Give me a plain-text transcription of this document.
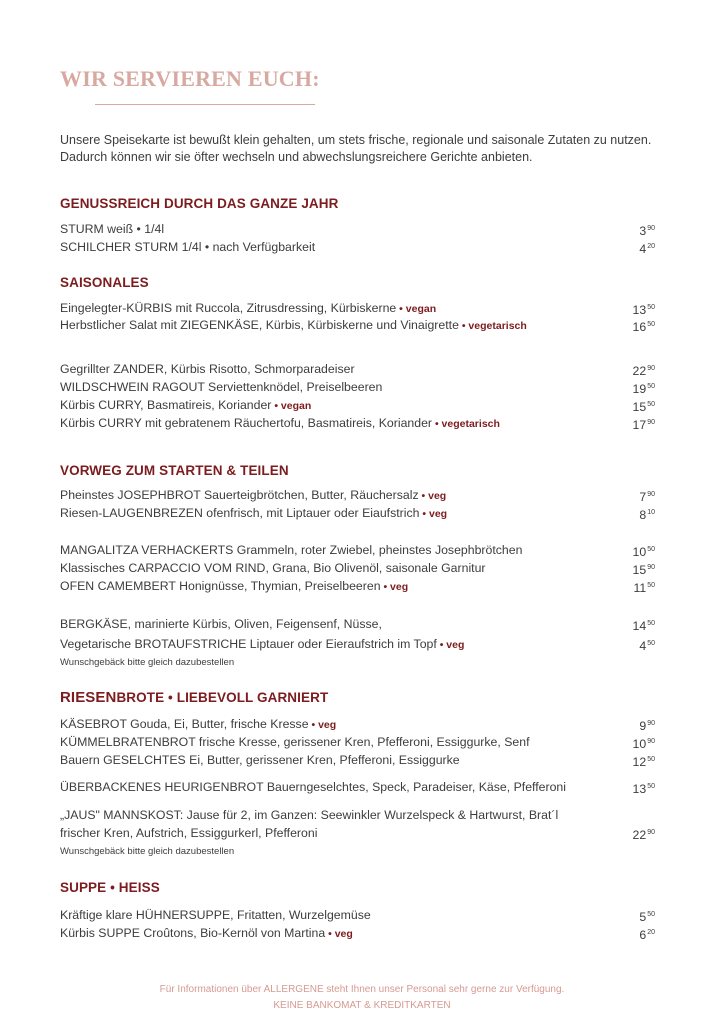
WIR SERVIEREN EUCH:
Unsere Speisekarte ist bewußt klein gehalten, um stets frische, regionale und saisonale Zutaten zu nutzen.
Dadurch können wir sie öfter wechseln und abwechslungsreichere Gerichte anbieten.
GENUSSREICH DURCH DAS GANZE JAHR
STURM weiß • 1/4l	$3^{90}$
SCHILCHER STURM 1/4l • nach Verfügbarkeit	$4^{20}$
SAISONALES
Eingelegter-KÜRBIS mit Ruccola, Zitrusdressing, Kürbiskerne • vegan	$13^{50}$
Herbstlicher Salat mit ZIEGENKÄSE, Kürbis, Kürbiskerne und Vinaigrette • vegetarisch	$16^{50}$
Gegrillter ZANDER, Kürbis Risotto, Schmorparadeiser	$22^{90}$
WILDSCHWEIN RAGOUT Serviettenknödel, Preiselbeeren	$19^{50}$
Kürbis CURRY, Basmatireis, Koriander • vegan	$15^{50}$
Kürbis CURRY mit gebratenem Räuchertofu, Basmatireis, Koriander • vegetarisch	$17^{90}$
VORWEG ZUM STARTEN & TEILEN
Pheinstes JOSEPHBROT Sauerteigbrötchen, Butter, Räuchersalz • veg	$7^{90}$
Riesen-LAUGENBREZEN ofenfrisch, mit Liptauer oder Eiaufstrich • veg	$8^{10}$
MANGALITZA VERHACKERTS Grammeln, roter Zwiebel, pheinstes Josephbrötchen	$10^{50}$
Klassisches CARPACCIO VOM RIND, Grana, Bio Olivenöl, saisonale Garnitur	$15^{90}$
OFEN CAMEMBERT Honignüsse, Thymian, Preiselbeeren • veg	$11^{50}$
BERGKÄSE, marinierte Kürbis, Oliven, Feigensenf, Nüsse,	$14^{50}$
Vegetarische BROTAUFSTRICHE Liptauer oder Eieraufstrich im Topf • veg	$4^{50}$
Wunschgebäck bitte gleich dazubestellen
RIESENBROTE • LIEBEVOLL GARNIERT
KÄSEBROT Gouda, Ei, Butter, frische Kresse • veg	$9^{90}$
KÜMMELBRATENBROT frische Kresse, gerissener Kren, Pfefferoni, Essiggurke, Senf	$10^{90}$
Bauern GESELCHTES Ei, Butter, gerissener Kren, Pfefferoni, Essiggurke	$12^{50}$
ÜBERBACKENES HEURIGENBROT Bauerngeselchtes, Speck, Paradeiser, Käse, Pfefferoni	$13^{50}$
„JAUS" MANNSKOST: Jause für 2, im Ganzen: Seewinkler Wurzelspeck & Hartwurst, Brat´l
frischer Kren, Aufstrich, Essiggurkerl, Pfefferoni	$22^{90}$
Wunschgebäck bitte gleich dazubestellen
SUPPE • HEISS
Kräftige klare HÜHNERSUPPE, Fritatten, Wurzelgemüse	$5^{50}$
Kürbis SUPPE Croûtons, Bio-Kernöl von Martina • veg	$6^{20}$
Für Informationen über ALLERGENE steht Ihnen unser Personal sehr gerne zur Verfügung.
KEINE BANKOMAT & KREDITKARTEN
